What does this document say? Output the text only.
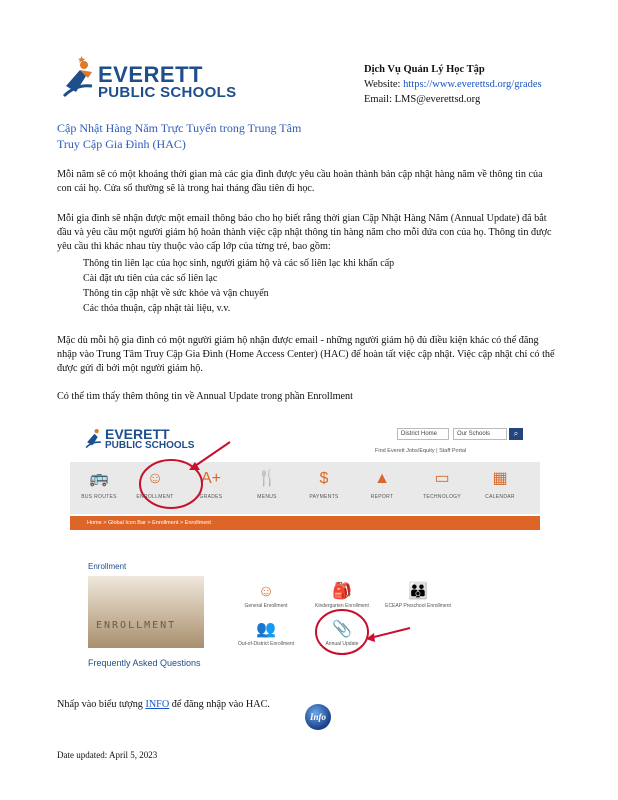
EVERETT
PUBLIC SCHOOLS
Dịch Vụ Quản Lý Học Tập
Website: https://www.everettsd.org/grades
Email: LMS@everettsd.org
Cập Nhật Hàng Năm Trực Tuyến trong Trung Tâm
Truy Cập Gia Đình (HAC)
Mỗi năm sẽ có một khoảng thời gian mà các gia đình được yêu cầu hoàn thành bản cập nhật hàng năm về thông tin của con cái họ. Cửa sổ thường sẽ là trong hai tháng đầu tiên đi học.
Mỗi gia đình sẽ nhận được một email thông báo cho họ biết rằng thời gian Cập Nhật Hàng Năm (Annual Update) đã bắt đầu và yêu cầu một người giám hộ hoàn thành việc cập nhật thông tin hàng năm cho mỗi đứa con của họ. Thông tin được yêu cầu thì khác nhau tùy thuộc vào cấp lớp của từng trẻ, bao gồm:
Thông tin liên lạc của học sinh, người giám hộ và các số liên lạc khi khẩn cấp
Cài đặt ưu tiên của các số liên lạc
Thông tin cập nhật về sức khỏe và vận chuyển
Các thỏa thuận, cập nhật tài liệu, v.v.
Mặc dù mỗi hộ gia đình có một người giám hộ nhận được email - những người giám hộ đủ điều kiện khác có thể đăng nhập vào Trung Tâm Truy Cập Gia Đình (Home Access Center) (HAC) để hoàn tất việc cập nhật. Việc cập nhật chỉ có thể được gửi đi bởi một người giám hộ.
Có thể tìm thấy thêm thông tin về Annual Update trong phần Enrollment
EVERETT
PUBLIC SCHOOLS
District Home	Our Schools	⌕
Find Everett Jobs/Equity | Staff Portal
🚌
BUS ROUTES
☺
ENROLLMENT
A+
GRADES
🍴
MENUS
$
PAYMENTS
▲
REPORT
▭
TECHNOLOGY
▦
CALENDAR
Home > Global Icon Bar > Enrollment > Enrollment
Enrollment
ENROLLMENT
☺
General Enrollment
🎒
Kindergarten Enrollment
👪
ECEAP Preschool Enrollment
👥
Out-of-District Enrollment
📎
Annual Update
Frequently Asked Questions
Nhấp vào biểu tượng INFO để đăng nhập vào HAC.
Info
Date updated: April 5, 2023
